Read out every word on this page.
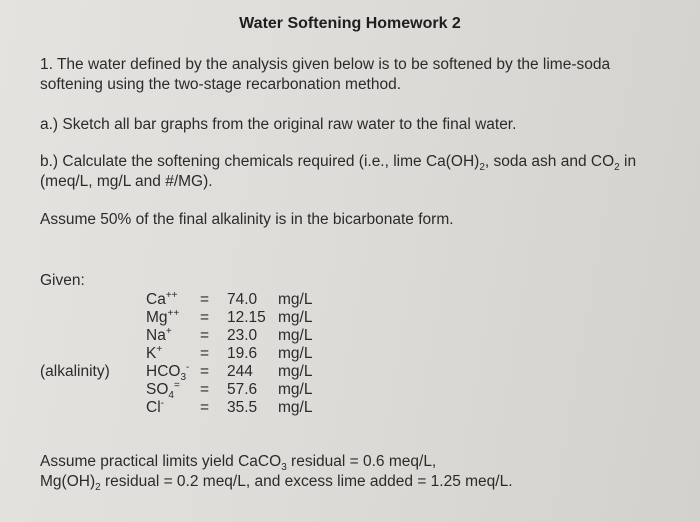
Water Softening Homework 2
1. The water defined by the analysis given below is to be softened by the lime-soda
softening using the two-stage recarbonation method.
a.) Sketch all bar graphs from the original raw water to the final water.
b.) Calculate the softening chemicals required (i.e., lime $Ca(OH)_2$, soda ash and $CO_2$ in
(meq/L, mg/L and #/MG).
Assume 50% of the final alkalinity is in the bicarbonate form.
Given:
Ca++ = 74.0 mg/L
Mg++ = 12.15 mg/L
Na+ = 23.0 mg/L
K+ = 19.6 mg/L
(alkalinity) $HCO_3^- = 244$ mg/L
$SO_4^= = 57.6$ mg/L
Cl- = 35.5 mg/L
Assume practical limits yield CaCO$_3$ residual = 0.6 meq/L,
$Mg(OH)_2$ residual = 0.2 meq/L, and excess lime added = 1.25 meq/L.
